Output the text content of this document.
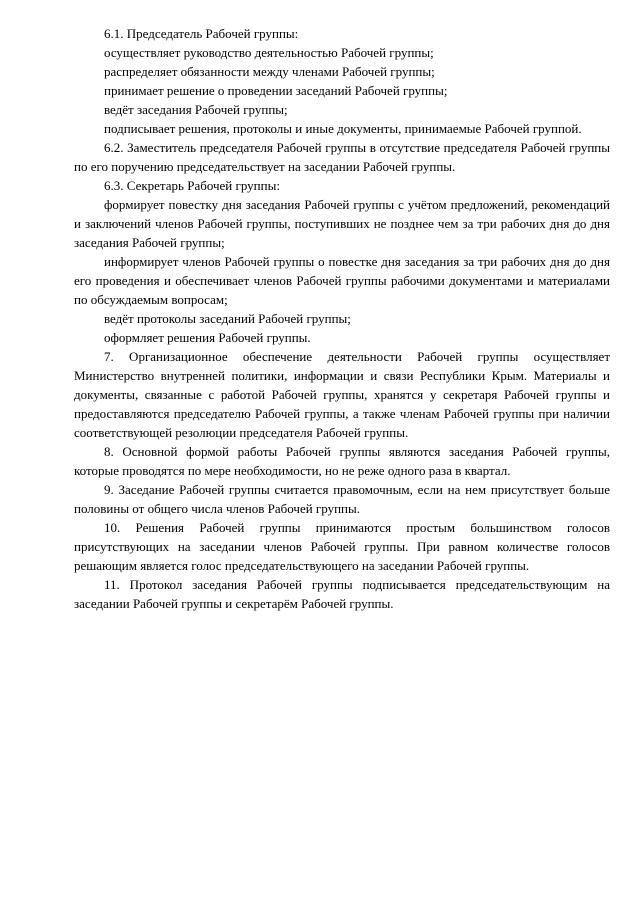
6.1. Председатель Рабочей группы:

осуществляет руководство деятельностью Рабочей группы;

распределяет обязанности между членами Рабочей группы;

принимает решение о проведении заседаний Рабочей группы;

ведёт заседания Рабочей группы;

подписывает решения, протоколы и иные документы, принимаемые Рабочей группой.

6.2. Заместитель председателя Рабочей группы в отсутствие председателя Рабочей группы по его поручению председательствует на заседании Рабочей группы.

6.3. Секретарь Рабочей группы:

формирует повестку дня заседания Рабочей группы с учётом предложений, рекомендаций и заключений членов Рабочей группы, поступивших не позднее чем за три рабочих дня до дня заседания Рабочей группы;

информирует членов Рабочей группы о повестке дня заседания за три рабочих дня до дня его проведения и обеспечивает членов Рабочей группы рабочими документами и материалами по обсуждаемым вопросам;

ведёт протоколы заседаний Рабочей группы;

оформляет решения Рабочей группы.

7. Организационное обеспечение деятельности Рабочей группы осуществляет Министерство внутренней политики, информации и связи Республики Крым. Материалы и документы, связанные с работой Рабочей группы, хранятся у секретаря Рабочей группы и предоставляются председателю Рабочей группы, а также членам Рабочей группы при наличии соответствующей резолюции председателя Рабочей группы.

8. Основной формой работы Рабочей группы являются заседания Рабочей группы, которые проводятся по мере необходимости, но не реже одного раза в квартал.

9. Заседание Рабочей группы считается правомочным, если на нем присутствует больше половины от общего числа членов Рабочей группы.

10. Решения Рабочей группы принимаются простым большинством голосов присутствующих на заседании членов Рабочей группы. При равном количестве голосов решающим является голос председательствующего на заседании Рабочей группы.

11. Протокол заседания Рабочей группы подписывается председательствующим на заседании Рабочей группы и секретарём Рабочей группы.
